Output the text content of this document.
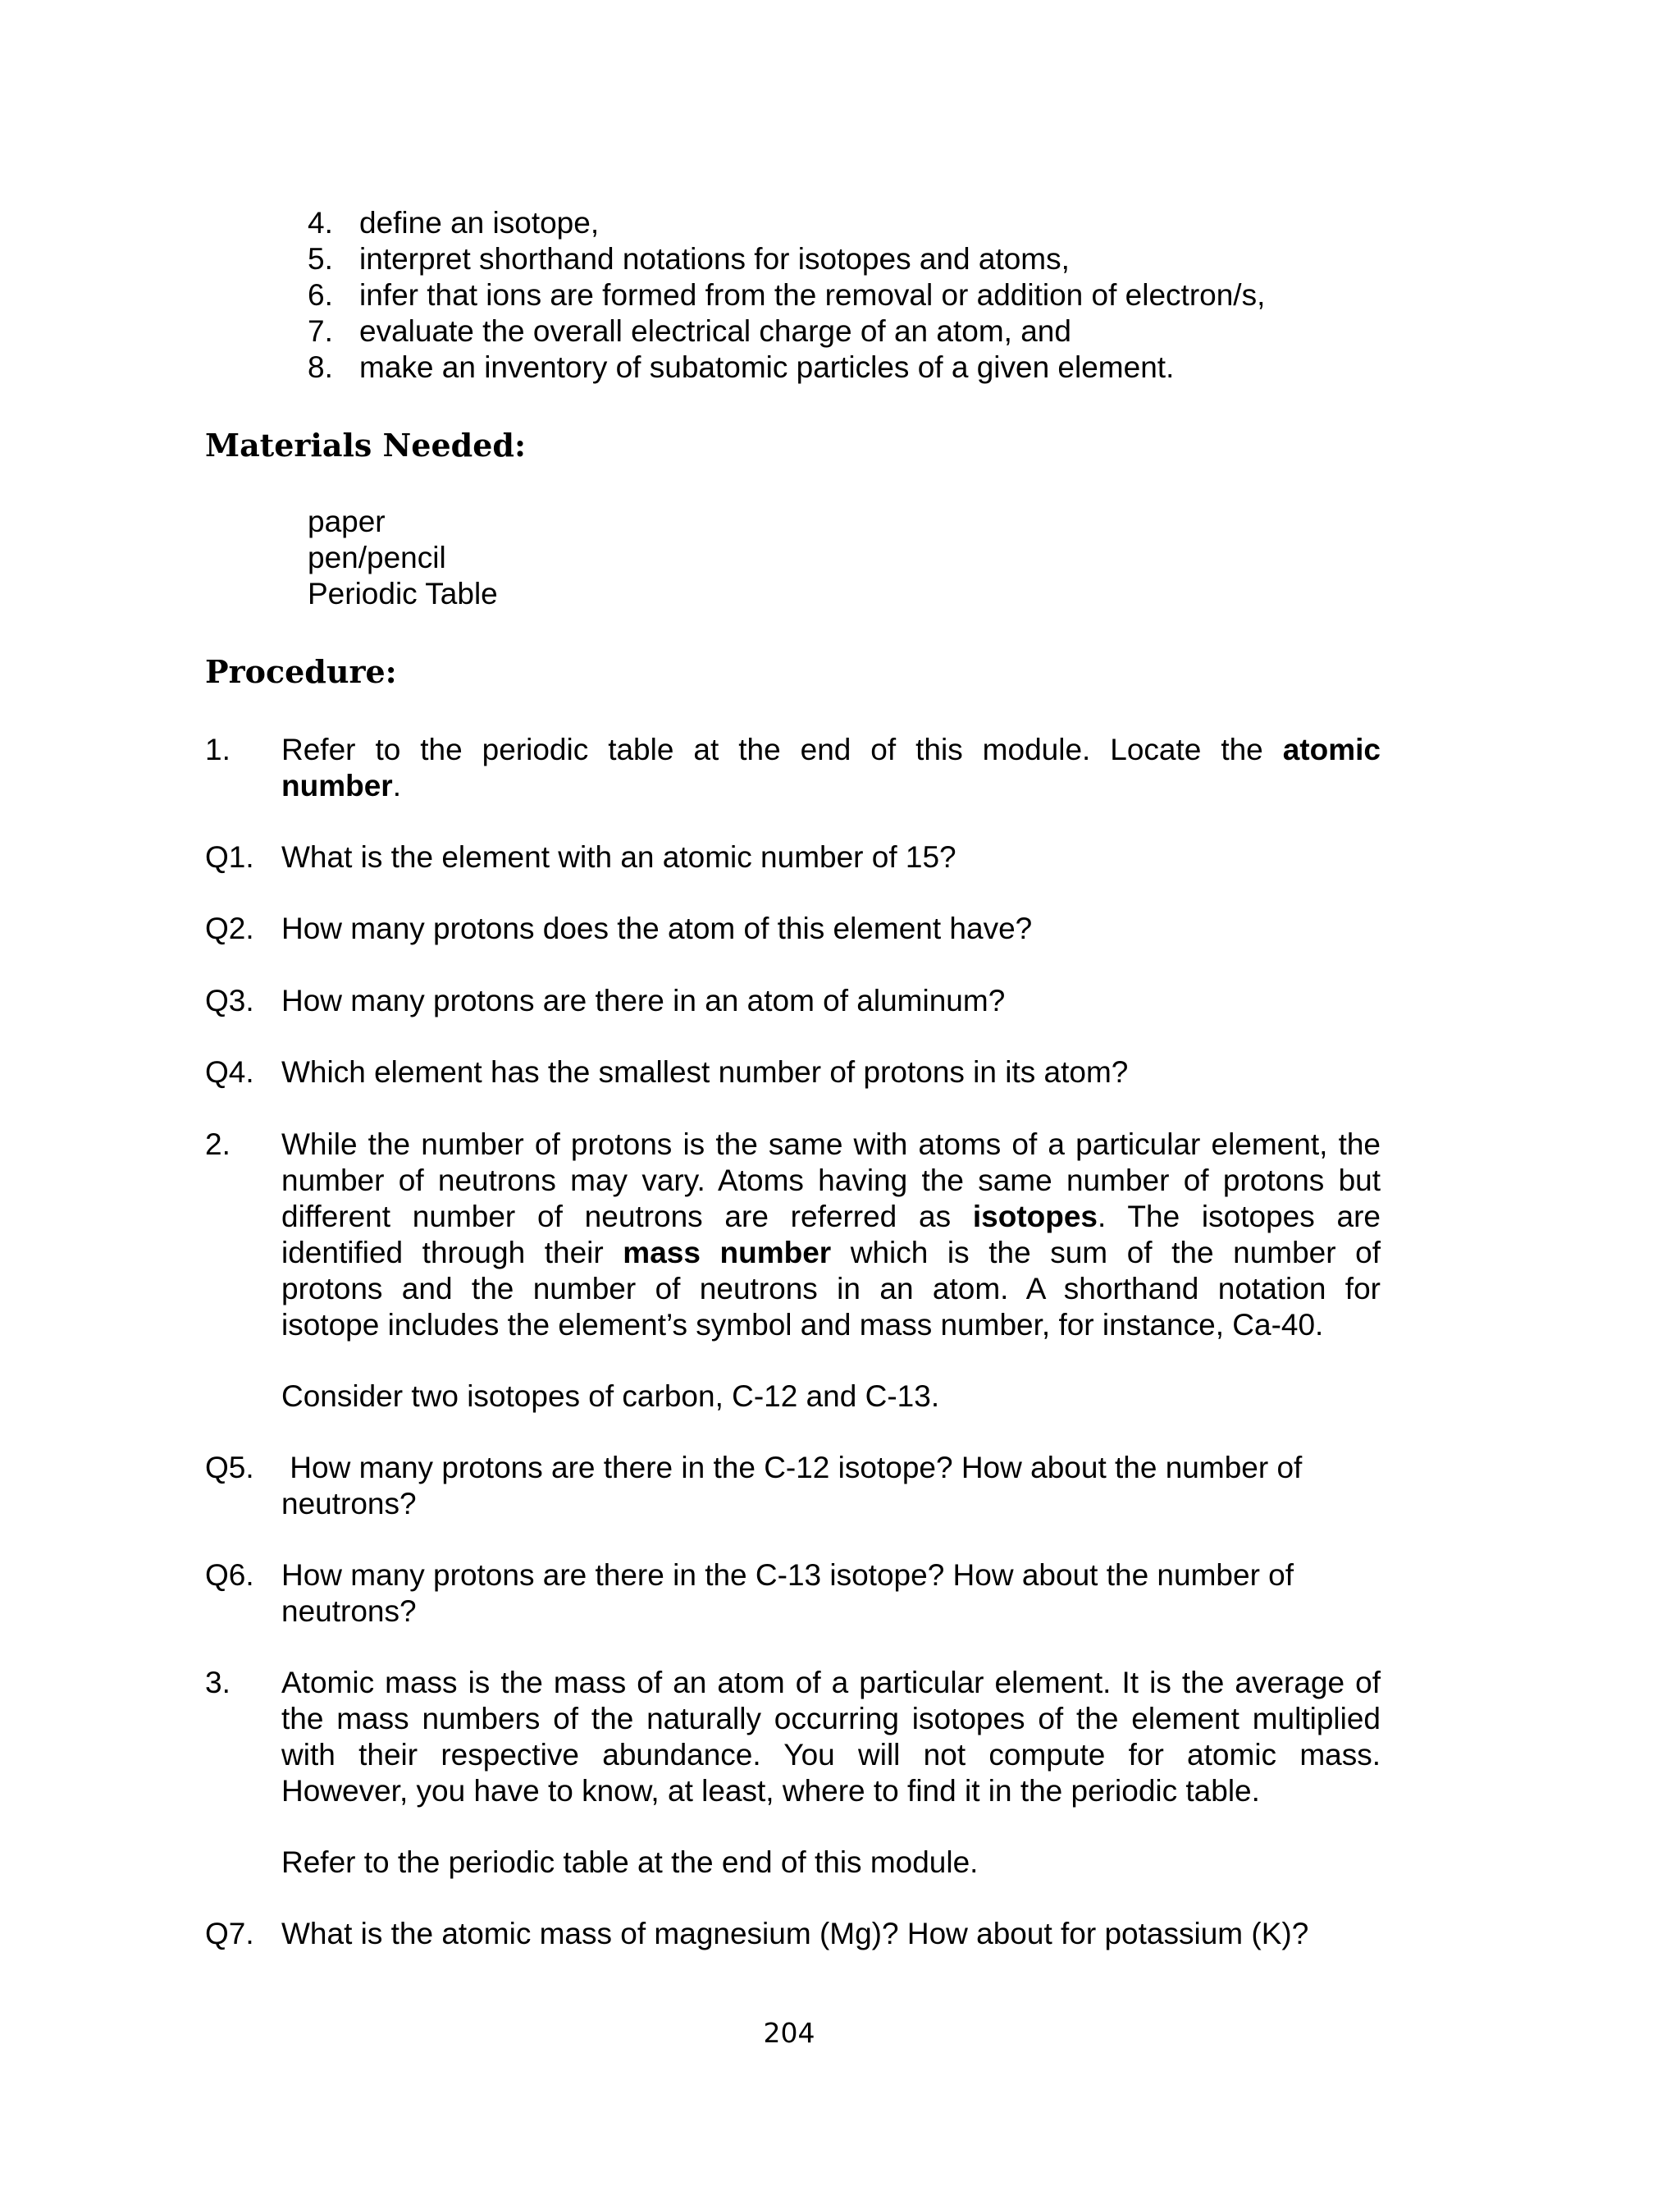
4. define an isotope,
5. interpret shorthand notations for isotopes and atoms,
6. infer that ions are formed from the removal or addition of electron/s,
7. evaluate the overall electrical charge of an atom, and
8. make an inventory of subatomic particles of a given element.
Materials Needed:
paper
pen/pencil
Periodic Table
Procedure:
1. Refer to the periodic table at the end of this module. Locate the atomic
number.
Q1. What is the element with an atomic number of 15?
Q2. How many protons does the atom of this element have?
Q3. How many protons are there in an atom of aluminum?
Q4. Which element has the smallest number of protons in its atom?
2. While the number of protons is the same with atoms of a particular element, the
number of neutrons may vary. Atoms having the same number of protons but
different number of neutrons are referred as isotopes. The isotopes are
identified through their mass number which is the sum of the number of
protons and the number of neutrons in an atom. A shorthand notation for
isotope includes the element’s symbol and mass number, for instance, Ca-40.
Consider two isotopes of carbon, C-12 and C-13.
Q5. How many protons are there in the C-12 isotope? How about the number of
neutrons?
Q6. How many protons are there in the C-13 isotope? How about the number of
neutrons?
3. Atomic mass is the mass of an atom of a particular element. It is the average of
the mass numbers of the naturally occurring isotopes of the element multiplied
with their respective abundance. You will not compute for atomic mass.
However, you have to know, at least, where to find it in the periodic table.
Refer to the periodic table at the end of this module.
Q7. What is the atomic mass of magnesium (Mg)? How about for potassium (K)?
204
